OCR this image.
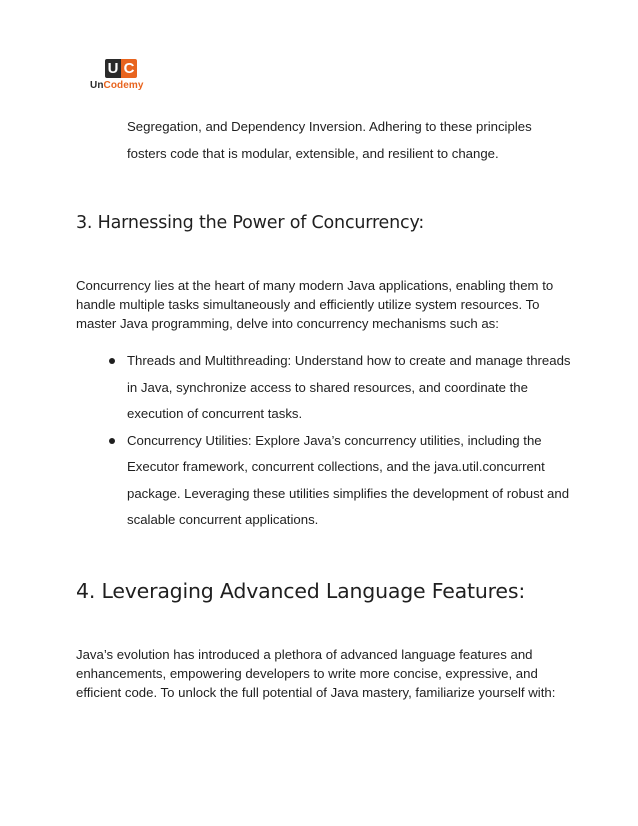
U C
UnCodemy

Segregation, and Dependency Inversion. Adhering to these principles fosters code that is modular, extensible, and resilient to change.

3. Harnessing the Power of Concurrency:

Concurrency lies at the heart of many modern Java applications, enabling them to handle multiple tasks simultaneously and efficiently utilize system resources. To master Java programming, delve into concurrency mechanisms such as:

Threads and Multithreading: Understand how to create and manage threads in Java, synchronize access to shared resources, and coordinate the execution of concurrent tasks.
Concurrency Utilities: Explore Java’s concurrency utilities, including the Executor framework, concurrent collections, and the java.util.concurrent package. Leveraging these utilities simplifies the development of robust and scalable concurrent applications.
4. Leveraging Advanced Language Features:

Java’s evolution has introduced a plethora of advanced language features and enhancements, empowering developers to write more concise, expressive, and efficient code. To unlock the full potential of Java mastery, familiarize yourself with:
